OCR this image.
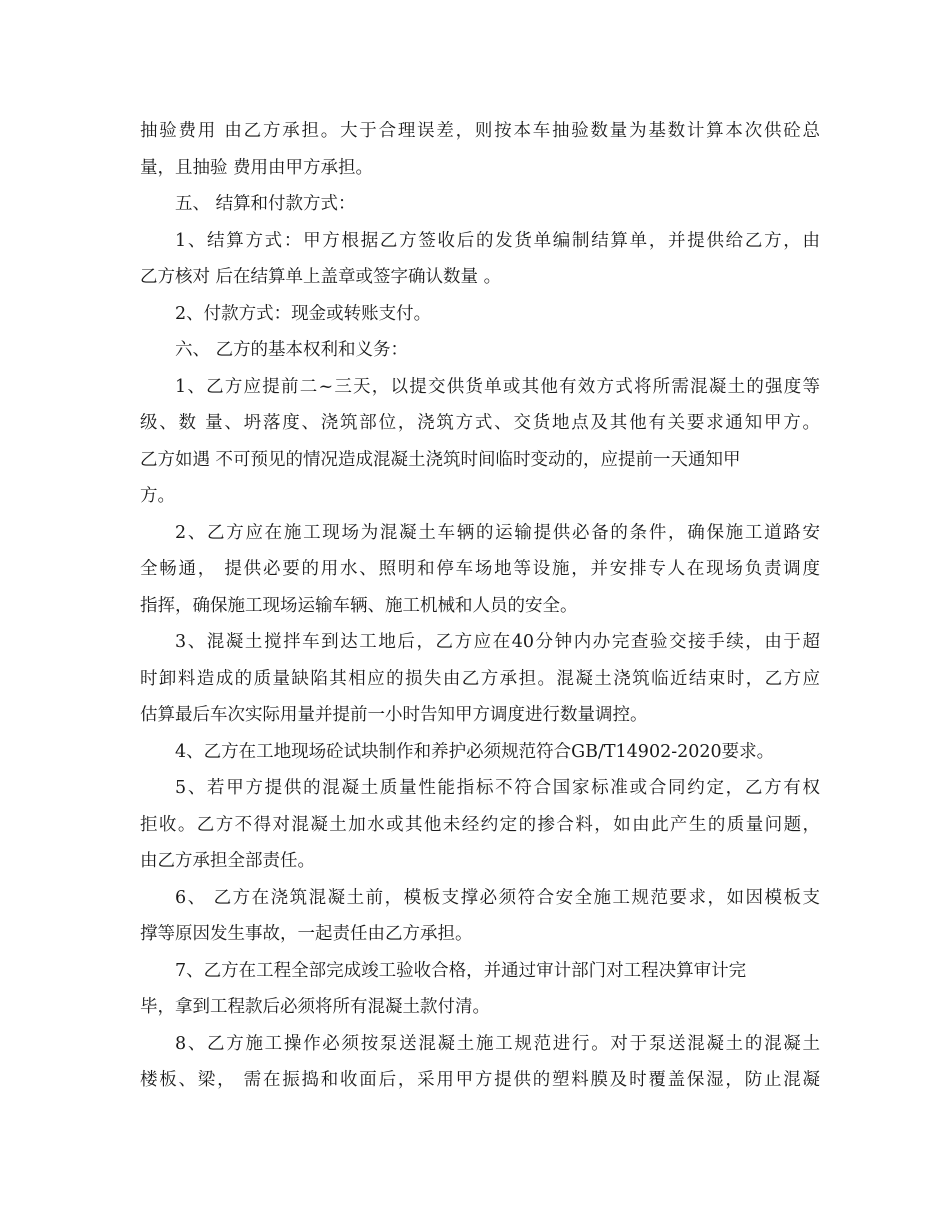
抽验费用 由乙方承担。大于合理误差，则按本车抽验数量为基数计算本次供砼总

量，且抽验 费用由甲方承担。

五、 结算和付款方式：

1、结算方式：甲方根据乙方签收后的发货单编制结算单，并提供给乙方，由

乙方核对 后在结算单上盖章或签字确认数量 。

2、付款方式：现金或转账支付。

六、 乙方的基本权利和义务：

1、乙方应提前二~三天，以提交供货单或其他有效方式将所需混凝土的强度等

级、数 量、坍落度、浇筑部位，浇筑方式、交货地点及其他有关要求通知甲方。

乙方如遇 不可预见的情况造成混凝土浇筑时间临时变动的，应提前一天通知甲

方。

2、乙方应在施工现场为混凝土车辆的运输提供必备的条件，确保施工道路安

全畅通， 提供必要的用水、照明和停车场地等设施，并安排专人在现场负责调度

指挥，确保施工现场运输车辆、施工机械和人员的安全。

3、混凝土搅拌车到达工地后，乙方应在40分钟内办完查验交接手续，由于超

时卸料造成的质量缺陷其相应的损失由乙方承担。混凝土浇筑临近结束时，乙方应

估算最后车次实际用量并提前一小时告知甲方调度进行数量调控。

4、乙方在工地现场砼试块制作和养护必须规范符合GB/T14902-2020要求。

5、若甲方提供的混凝土质量性能指标不符合国家标准或合同约定，乙方有权

拒收。乙方不得对混凝土加水或其他未经约定的掺合料，如由此产生的质量问题，

由乙方承担全部责任。

6、 乙方在浇筑混凝土前，模板支撑必须符合安全施工规范要求，如因模板支

撑等原因发生事故，一起责任由乙方承担。

7、乙方在工程全部完成竣工验收合格，并通过审计部门对工程决算审计完

毕，拿到工程款后必须将所有混凝土款付清。

8、乙方施工操作必须按泵送混凝土施工规范进行。对于泵送混凝土的混凝土

楼板、梁， 需在振捣和收面后，采用甲方提供的塑料膜及时覆盖保湿，防止混凝
